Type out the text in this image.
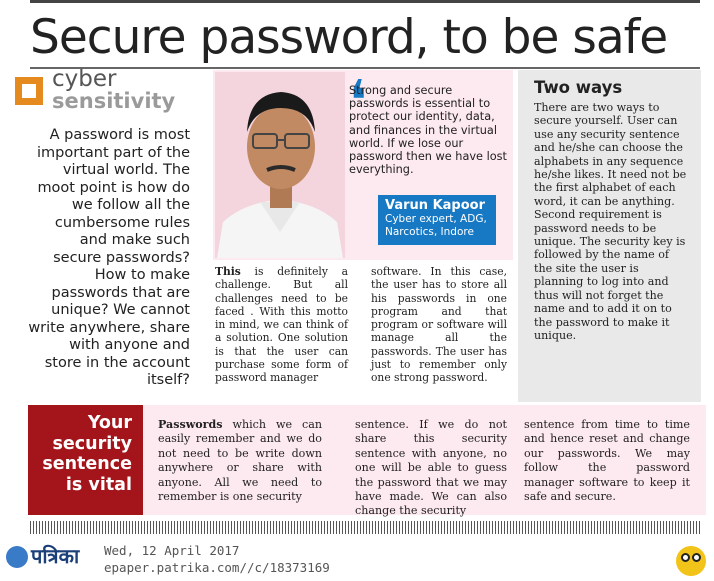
Secure password, to be safe
cyber
sensitivity
A password is most important part of the virtual world. The moot point is how do we follow all the cumbersome rules and make such secure passwords? How to make passwords that are unique? We cannot write anywhere, share with anyone and store in the account itself?
❛
Strong and secure passwords is essential to protect our identity, data, and finances in the virtual world. If we lose our password then we have lost everything.
Varun Kapoor
Cyber expert, ADG, Narcotics, Indore
This is definitely a challenge. But all challenges need to be faced . With this motto in mind, we can think of a solution. One solution is that the user can purchase some form of password manager
software. In this case, the user has to store all his passwords in one program and that program or software will manage all the passwords. The user has just to remember only one strong password.
Two ways
There are two ways to secure yourself. User can use any security sentence and he/she can choose the alphabets in any sequence he/she likes. It need not be the first alphabet of each word, it can be anything. Second requirement is password needs to be unique. The security key is followed by the name of the site the user is planning to log into and thus will not forget the name and to add it on to the password to make it unique.
Your security sentence is vital
Passwords which we can easily remember and we do not need to be write down anywhere or share with anyone. All we need to remember is one security
sentence. If we do not share this security sentence with anyone, no one will be able to guess the password that we may have made. We can also change the security
sentence from time to time and hence reset and change our passwords. We may follow the password manager software to keep it safe and secure.
पत्रिका Wed, 12 April 2017
epaper.patrika.com//c/18373169
